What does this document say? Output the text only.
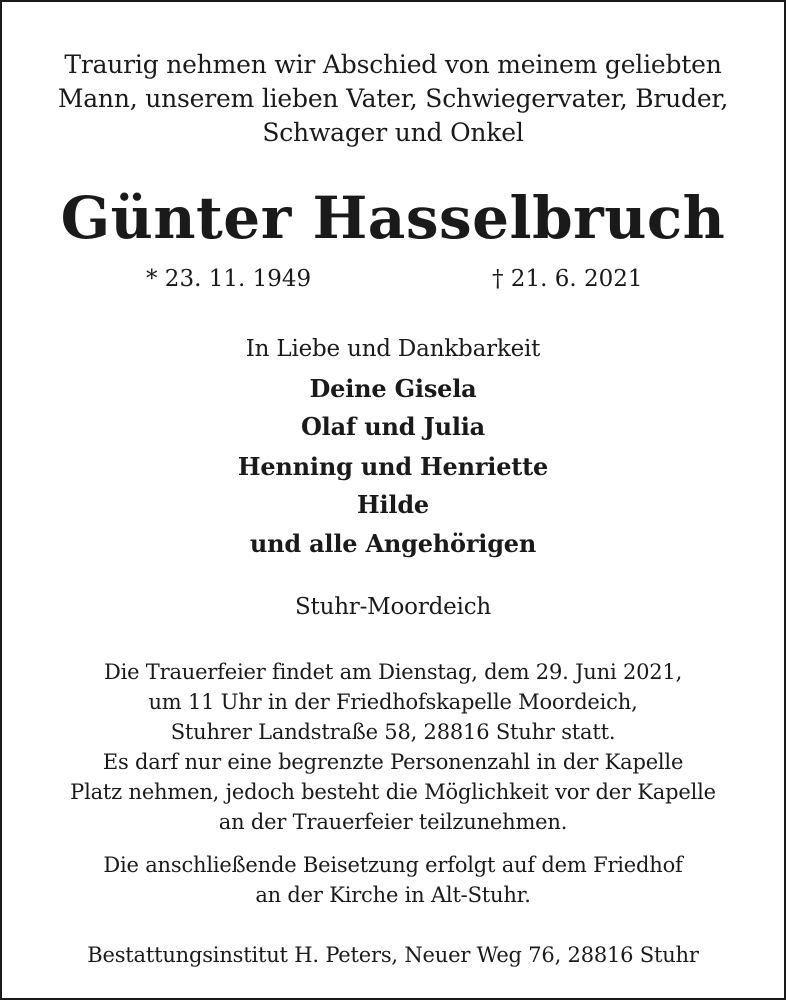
Traurig nehmen wir Abschied von meinem geliebten
Mann, unserem lieben Vater, Schwiegervater, Bruder,
Schwager und Onkel
Günter Hasselbruch
* 23. 11. 1949	† 21. 6. 2021
In Liebe und Dankbarkeit
Deine Gisela
Olaf und Julia
Henning und Henriette
Hilde
und alle Angehörigen
Stuhr-Moordeich
Die Trauerfeier findet am Dienstag, dem 29. Juni 2021,
um 11 Uhr in der Friedhofskapelle Moordeich,
Stuhrer Landstraße 58, 28816 Stuhr statt.
Es darf nur eine begrenzte Personenzahl in der Kapelle
Platz nehmen, jedoch besteht die Möglichkeit vor der Kapelle
an der Trauerfeier teilzunehmen.
Die anschließende Beisetzung erfolgt auf dem Friedhof
an der Kirche in Alt-Stuhr.
Bestattungsinstitut H. Peters, Neuer Weg 76, 28816 Stuhr
